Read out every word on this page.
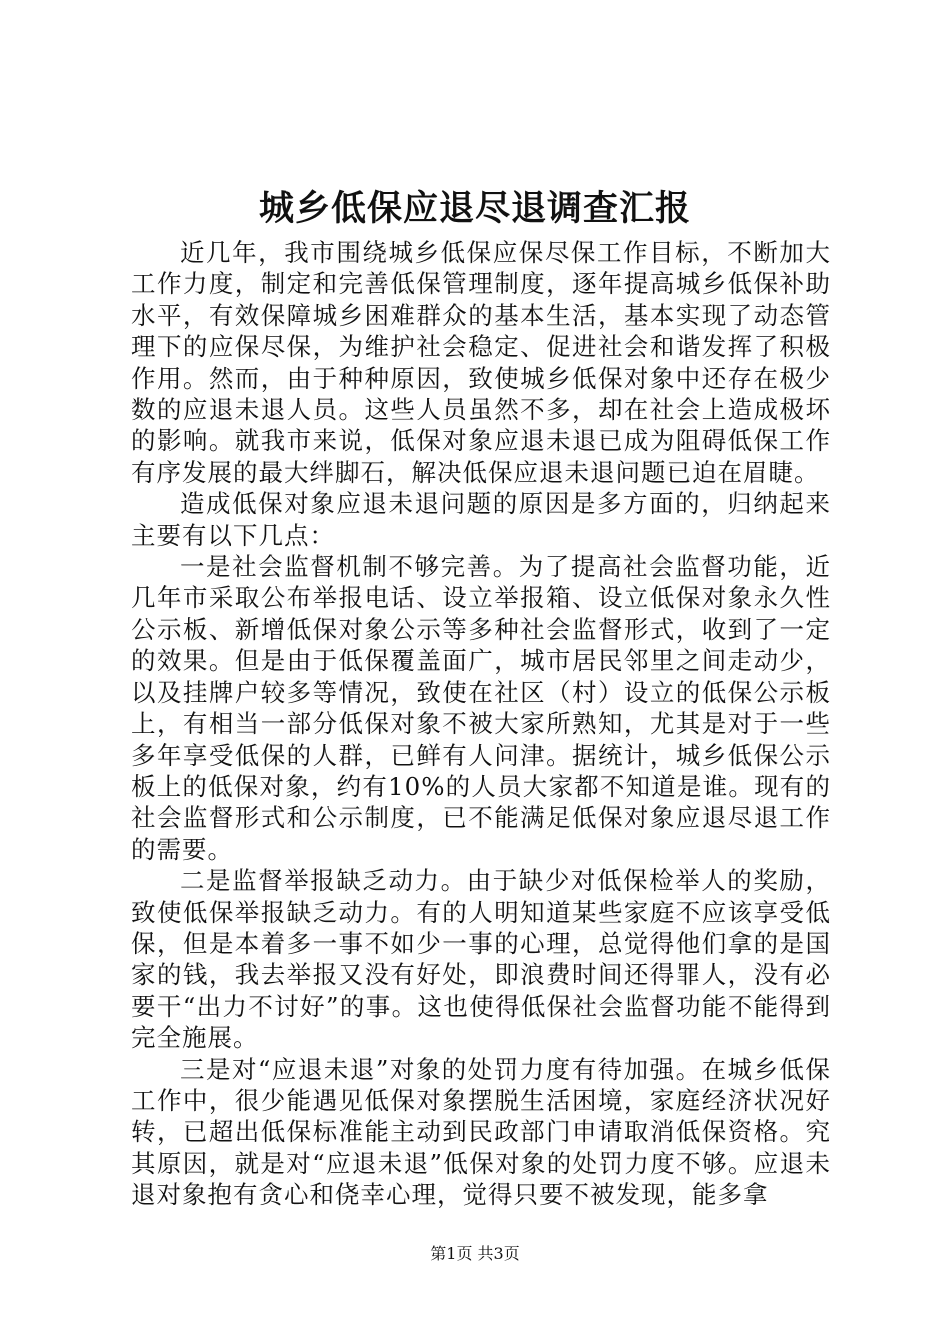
城乡低保应退尽退调查汇报

近几年，我市围绕城乡低保应保尽保工作目标，不断加大工作力度，制定和完善低保管理制度，逐年提高城乡低保补助水平，有效保障城乡困难群众的基本生活，基本实现了动态管理下的应保尽保，为维护社会稳定、促进社会和谐发挥了积极作用。然而，由于种种原因，致使城乡低保对象中还存在极少数的应退未退人员。这些人员虽然不多，却在社会上造成极坏的影响。就我市来说，低保对象应退未退已成为阻碍低保工作有序发展的最大绊脚石，解决低保应退未退问题已迫在眉睫。

造成低保对象应退未退问题的原因是多方面的，归纳起来主要有以下几点：

一是社会监督机制不够完善。为了提高社会监督功能，近几年市采取公布举报电话、设立举报箱、设立低保对象永久性公示板、新增低保对象公示等多种社会监督形式，收到了一定的效果。但是由于低保覆盖面广，城市居民邻里之间走动少，以及挂牌户较多等情况，致使在社区（村）设立的低保公示板上，有相当一部分低保对象不被大家所熟知，尤其是对于一些多年享受低保的人群，已鲜有人问津。据统计，城乡低保公示板上的低保对象，约有10%的人员大家都不知道是谁。现有的社会监督形式和公示制度，已不能满足低保对象应退尽退工作的需要。

二是监督举报缺乏动力。由于缺少对低保检举人的奖励，致使低保举报缺乏动力。有的人明知道某些家庭不应该享受低保，但是本着多一事不如少一事的心理，总觉得他们拿的是国家的钱，我去举报又没有好处，即浪费时间还得罪人，没有必要干“出力不讨好”的事。这也使得低保社会监督功能不能得到完全施展。

三是对“应退未退”对象的处罚力度有待加强。在城乡低保工作中，很少能遇见低保对象摆脱生活困境，家庭经济状况好转，已超出低保标准能主动到民政部门申请取消低保资格。究其原因，就是对“应退未退”低保对象的处罚力度不够。应退未退对象抱有贪心和侥幸心理，觉得只要不被发现，能多拿

第1页 共3页
